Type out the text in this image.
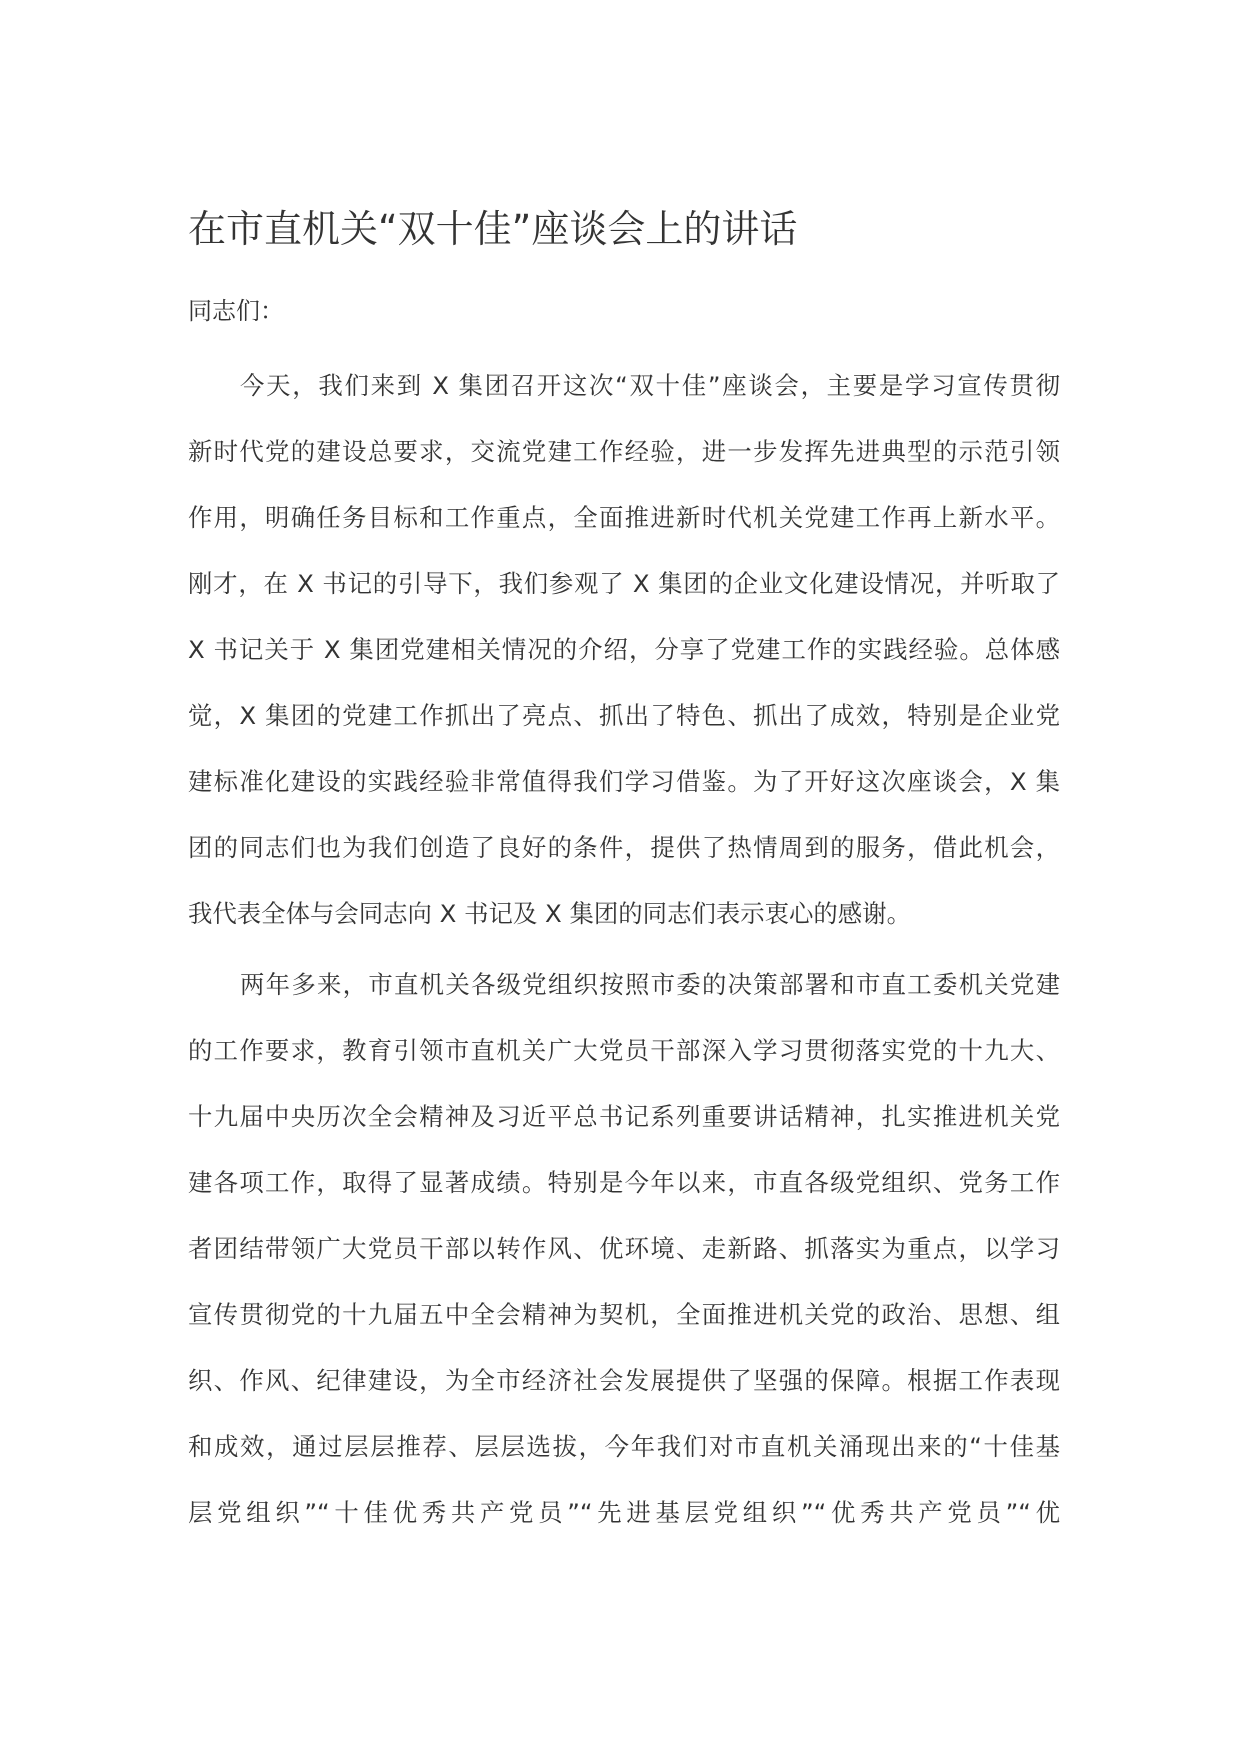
在市直机关“双十佳”座谈会上的讲话

同志们：

今天，我们来到 X 集团召开这次“双十佳”座谈会，主要是学习宣传贯彻
新时代党的建设总要求，交流党建工作经验，进一步发挥先进典型的示范引领
作用，明确任务目标和工作重点，全面推进新时代机关党建工作再上新水平。
刚才，在 X 书记的引导下，我们参观了 X 集团的企业文化建设情况，并听取了
X 书记关于 X 集团党建相关情况的介绍，分享了党建工作的实践经验。总体感
觉，X 集团的党建工作抓出了亮点、抓出了特色、抓出了成效，特别是企业党
建标准化建设的实践经验非常值得我们学习借鉴。为了开好这次座谈会，X 集
团的同志们也为我们创造了良好的条件，提供了热情周到的服务，借此机会，
我代表全体与会同志向 X 书记及 X 集团的同志们表示衷心的感谢。
两年多来，市直机关各级党组织按照市委的决策部署和市直工委机关党建
的工作要求，教育引领市直机关广大党员干部深入学习贯彻落实党的十九大、
十九届中央历次全会精神及习近平总书记系列重要讲话精神，扎实推进机关党
建各项工作，取得了显著成绩。特别是今年以来，市直各级党组织、党务工作
者团结带领广大党员干部以转作风、优环境、走新路、抓落实为重点，以学习
宣传贯彻党的十九届五中全会精神为契机，全面推进机关党的政治、思想、组
织、作风、纪律建设，为全市经济社会发展提供了坚强的保障。根据工作表现
和成效，通过层层推荐、层层选拔，今年我们对市直机关涌现出来的“十佳基
层党组织”“十佳优秀共产党员”“先进基层党组织”“优秀共产党员”“优
